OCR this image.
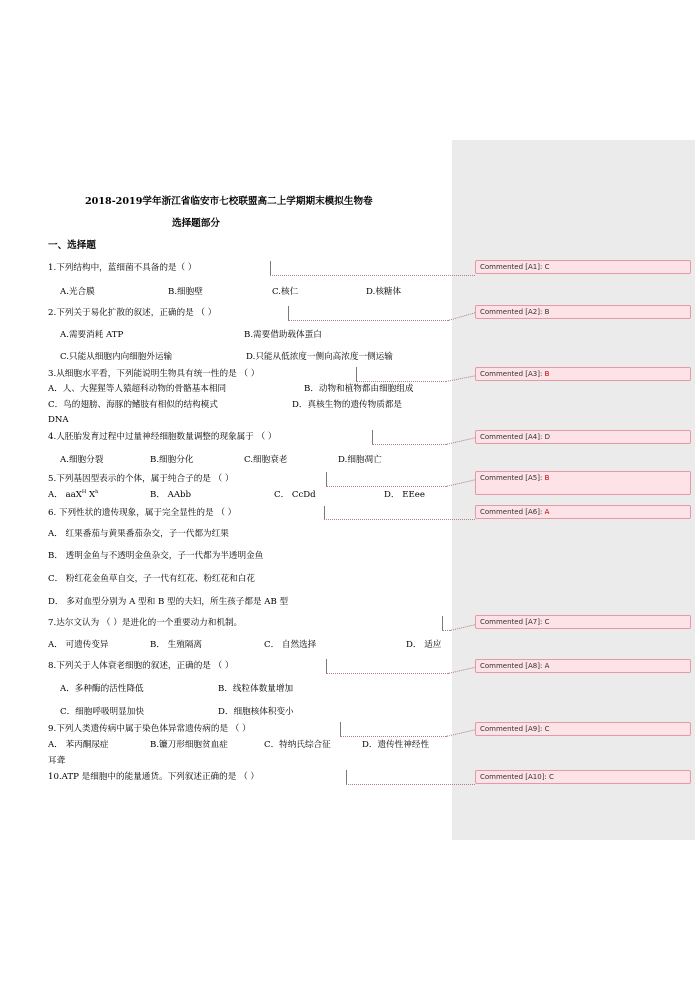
2018-2019学年浙江省临安市七校联盟高二上学期期末模拟生物卷
选择题部分
一、选择题
1.下列结构中，蓝细菌不具备的是（ ）
A.光合膜	B.细胞壁	C.核仁	D.核糖体
2.下列关于易化扩散的叙述，正确的是 （ ）
A.需要消耗 ATP	B.需要借助载体蛋白
C.只能从细胞内向细胞外运输	D.只能从低浓度一侧向高浓度一侧运输
3.从细胞水平看，下列能说明生物具有统一性的是 （ ）
A．人、大猩猩等人猿超科动物的骨骼基本相同	B．动物和植物都由细胞组成
C．鸟的翅膀、海豚的鳍肢有相似的结构模式	D．真核生物的遗传物质都是
DNA
4.人胚胎发育过程中过量神经细胞数量调整的现象属于 （ ）
A.细胞分裂	B.细胞分化	C.细胞衰老	D.细胞凋亡
5.下列基因型表示的个体，属于纯合子的是 （ ）
A． aaX$^H$ $X^h$	B． AAbb	C． CcDd	D． EEee
6. 下列性状的遗传现象，属于完全显性的是 （ ）
A． 红果番茄与黄果番茄杂交，子一代都为红果
B． 透明金鱼与不透明金鱼杂交，子一代都为半透明金鱼
C． 粉红花金鱼草自交，子一代有红花、粉红花和白花
D． 多对血型分别为 A 型和 B 型的夫妇，所生孩子都是 AB 型
7.达尔文认为 （ ）是进化的一个重要动力和机制。
A． 可遗传变异	B． 生殖隔离	C． 自然选择	D． 适应
8.下列关于人体衰老细胞的叙述，正确的是 （ ）
A．多种酶的活性降低	B．线粒体数量增加
C．细胞呼吸明显加快	D．细胞核体积变小
9.下列人类遗传病中属于染色体异常遗传病的是 （ ）
A． 苯丙酮尿症	B.镰刀形细胞贫血症	C．特纳氏综合征	D．遗传性神经性
耳聋
10.ATP 是细胞中的能量通货。下列叙述正确的是 （ ）
Commented [A1]: C
Commented [A2]: B
Commented [A3]: B
Commented [A4]: D
Commented [A5]: B
Commented [A6]: A
Commented [A7]: C
Commented [A8]: A
Commented [A9]: C
Commented [A10]: C
